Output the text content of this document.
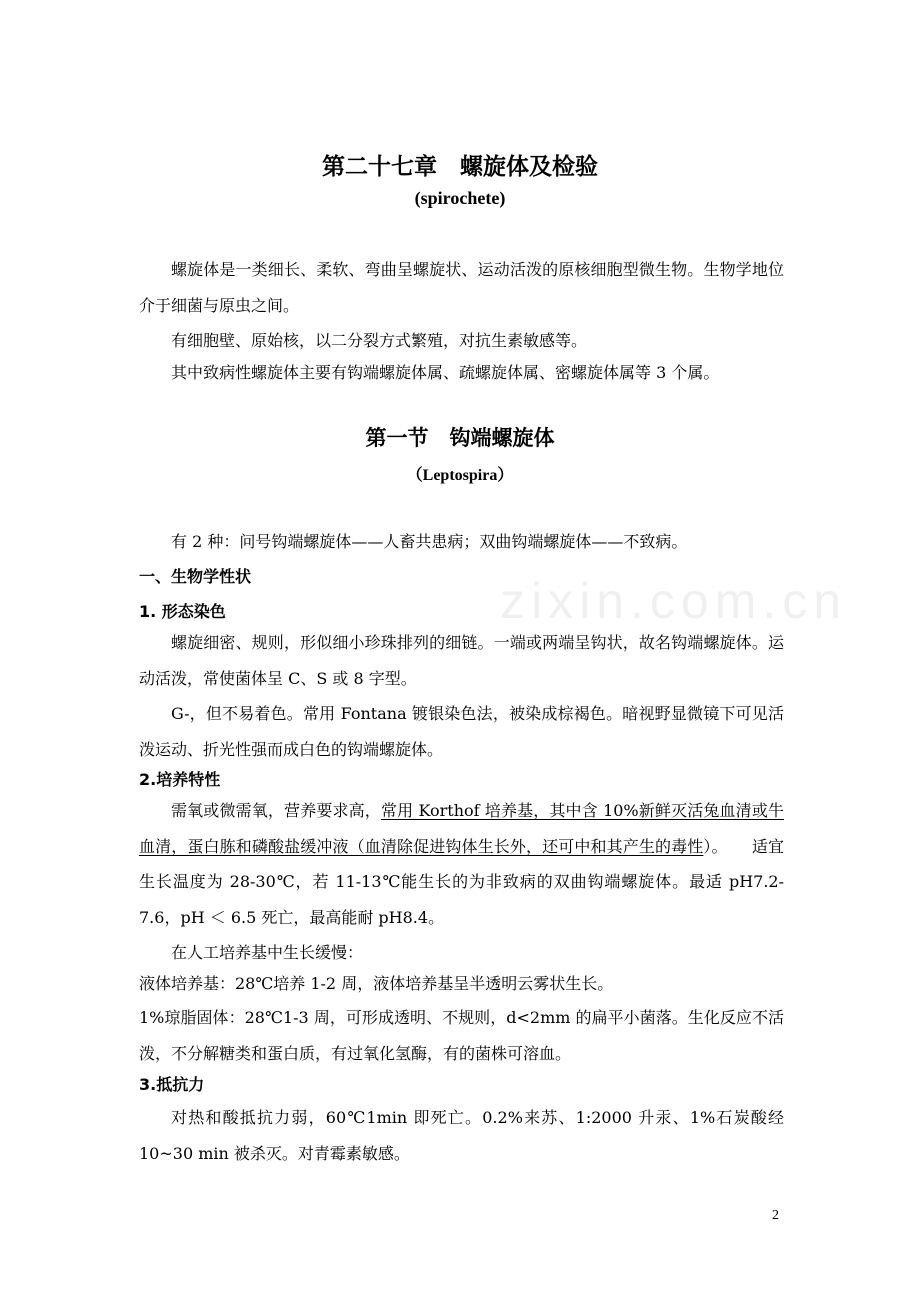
zixin.com.cn
第二十七章　螺旋体及检验
(spirochete)
螺旋体是一类细长、柔软、弯曲呈螺旋状、运动活泼的原核细胞型微生物。生物学地位介于细菌与原虫之间。
有细胞壁、原始核，以二分裂方式繁殖，对抗生素敏感等。
其中致病性螺旋体主要有钩端螺旋体属、疏螺旋体属、密螺旋体属等 3 个属。
第一节　钩端螺旋体
（Leptospira）
有 2 种：问号钩端螺旋体——人畜共患病；双曲钩端螺旋体——不致病。
一、生物学性状
1. 形态染色
螺旋细密、规则，形似细小珍珠排列的细链。一端或两端呈钩状，故名钩端螺旋体。运动活泼，常使菌体呈 C、S 或 8 字型。
G-，但不易着色。常用 Fontana 镀银染色法，被染成棕褐色。暗视野显微镜下可见活泼运动、折光性强而成白色的钩端螺旋体。
2.培养特性
需氧或微需氧，营养要求高，常用 Korthof 培养基，其中含 10%新鲜灭活兔血清或牛血清，蛋白胨和磷酸盐缓冲液（血清除促进钩体生长外，还可中和其产生的毒性）。　　适宜生长温度为 28-30℃，若 11-13℃能生长的为非致病的双曲钩端螺旋体。最适 pH7.2-7.6，pH ＜ 6.5 死亡，最高能耐 pH8.4。
在人工培养基中生长缓慢：
液体培养基：28℃培养 1-2 周，液体培养基呈半透明云雾状生长。
1%琼脂固体：28℃1-3 周，可形成透明、不规则，d<2mm 的扁平小菌落。生化反应不活泼，不分解糖类和蛋白质，有过氧化氢酶，有的菌株可溶血。
3.抵抗力
对热和酸抵抗力弱，60℃1min 即死亡。0.2%来苏、1:2000 升汞、1%石炭酸经 10~30 min 被杀灭。对青霉素敏感。
2
